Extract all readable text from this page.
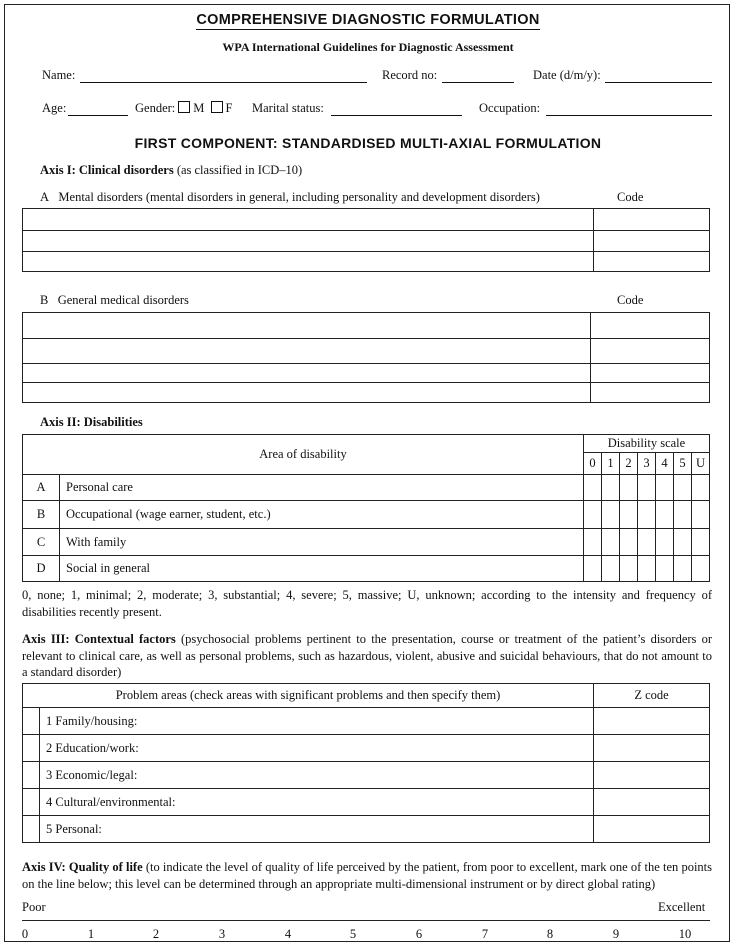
COMPREHENSIVE DIAGNOSTIC FORMULATION
WPA International Guidelines for Diagnostic Assessment
Name:	Record no:	Date (d/m/y):
Age:	Gender: M F Marital status:	Occupation:
FIRST COMPONENT: STANDARDISED MULTI-AXIAL FORMULATION
Axis I: Clinical disorders (as classified in ICD–10)
A Mental disorders (mental disorders in general, including personality and development disorders)	Code

B General medical disorders	Code

Axis II: Disabilities
Area of disability		Disability scale						
		0	1	2	3	4	5	U
A	Personal care							
B	Occupational (wage earner, student, etc.)							
C	With family							
D	Social in general							
0, none; 1, minimal; 2, moderate; 3, substantial; 4, severe; 5, massive; U, unknown; according to the intensity and frequency of disabilities recently present.
Axis III: Contextual factors (psychosocial problems pertinent to the presentation, course or treatment of the patient’s disorders or relevant to clinical care, as well as personal problems, such as hazardous, violent, abusive and suicidal behaviours, that do not amount to a standard disorder)
Problem areas (check areas with significant problems and then specify them)		Z code
	1 Family/housing:	
	2 Education/work:	
	3 Economic/legal:	
	4 Cultural/environmental:	
	5 Personal:	
Axis IV: Quality of life (to indicate the level of quality of life perceived by the patient, from poor to excellent, mark one of the ten points on the line below; this level can be determined through an appropriate multi-dimensional instrument or by direct global rating)
Poor	Excellent
0	1	2	3	4	5	6	7	8	9	10
